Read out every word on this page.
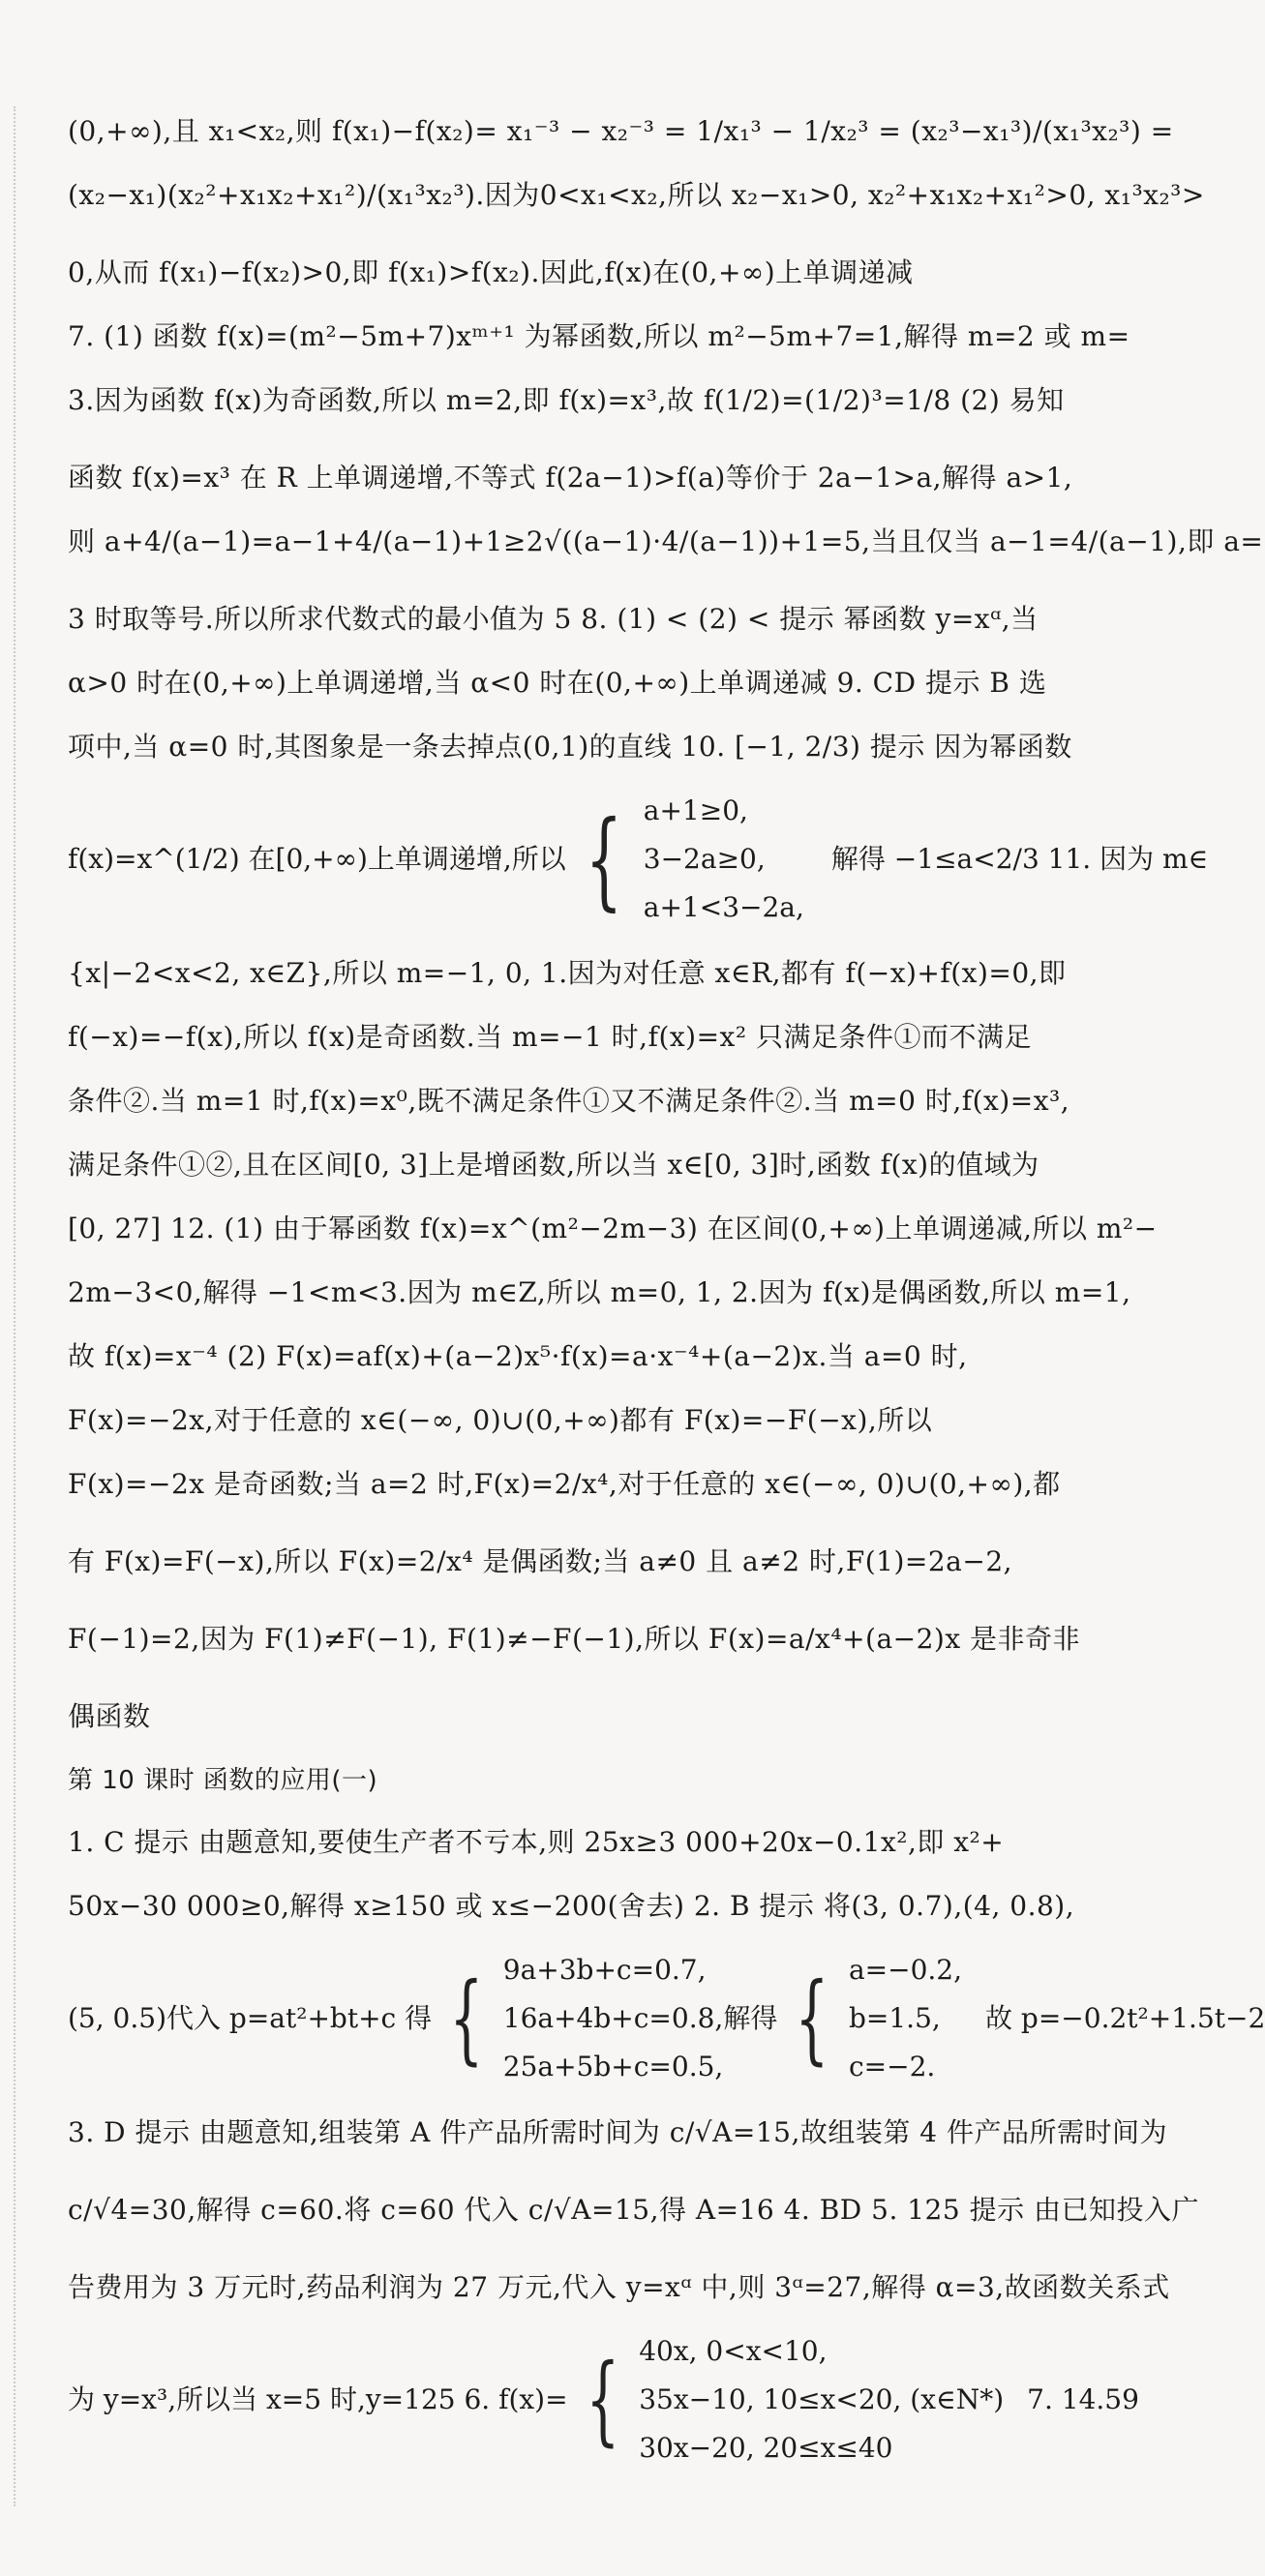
(0,+∞),且 x₁<x₂,则 f(x₁)−f(x₂)= x₁⁻³ − x₂⁻³ = 1/x₁³ − 1/x₂³ = (x₂³−x₁³)/(x₁³x₂³) =
(x₂−x₁)(x₂²+x₁x₂+x₁²)/(x₁³x₂³).因为0<x₁<x₂,所以 x₂−x₁>0, x₂²+x₁x₂+x₁²>0, x₁³x₂³>
0,从而 f(x₁)−f(x₂)>0,即 f(x₁)>f(x₂).因此,f(x)在(0,+∞)上单调递减
7. (1) 函数 f(x)=(m²−5m+7)xᵐ⁺¹ 为幂函数,所以 m²−5m+7=1,解得 m=2 或 m=
3.因为函数 f(x)为奇函数,所以 m=2,即 f(x)=x³,故 f(1/2)=(1/2)³=1/8 (2) 易知
函数 f(x)=x³ 在 R 上单调递增,不等式 f(2a−1)>f(a)等价于 2a−1>a,解得 a>1,
则 a+4/(a−1)=a−1+4/(a−1)+1≥2√((a−1)·4/(a−1))+1=5,当且仅当 a−1=4/(a−1),即 a=
3 时取等号.所以所求代数式的最小值为 5 8. (1) < (2) < 提示 幂函数 y=xᵅ,当
α>0 时在(0,+∞)上单调递增,当 α<0 时在(0,+∞)上单调递减 9. CD 提示 B 选
项中,当 α=0 时,其图象是一条去掉点(0,1)的直线 10. [−1, 2/3) 提示 因为幂函数
f(x)=x^(1/2) 在[0,+∞)上单调递增,所以 { a+1≥0,
3−2a≥0,
a+1<3−2a,
解得 −1≤a<2/3 11. 因为 m∈
{x|−2<x<2, x∈Z},所以 m=−1, 0, 1.因为对任意 x∈R,都有 f(−x)+f(x)=0,即
f(−x)=−f(x),所以 f(x)是奇函数.当 m=−1 时,f(x)=x² 只满足条件①而不满足
条件②.当 m=1 时,f(x)=x⁰,既不满足条件①又不满足条件②.当 m=0 时,f(x)=x³,
满足条件①②,且在区间[0, 3]上是增函数,所以当 x∈[0, 3]时,函数 f(x)的值域为
[0, 27] 12. (1) 由于幂函数 f(x)=x^(m²−2m−3) 在区间(0,+∞)上单调递减,所以 m²−
2m−3<0,解得 −1<m<3.因为 m∈Z,所以 m=0, 1, 2.因为 f(x)是偶函数,所以 m=1,
故 f(x)=x⁻⁴ (2) F(x)=af(x)+(a−2)x⁵·f(x)=a·x⁻⁴+(a−2)x.当 a=0 时,
F(x)=−2x,对于任意的 x∈(−∞, 0)∪(0,+∞)都有 F(x)=−F(−x),所以
F(x)=−2x 是奇函数;当 a=2 时,F(x)=2/x⁴,对于任意的 x∈(−∞, 0)∪(0,+∞),都
有 F(x)=F(−x),所以 F(x)=2/x⁴ 是偶函数;当 a≠0 且 a≠2 时,F(1)=2a−2,
F(−1)=2,因为 F(1)≠F(−1), F(1)≠−F(−1),所以 F(x)=a/x⁴+(a−2)x 是非奇非
偶函数
第 10 课时 函数的应用(一)
1. C 提示 由题意知,要使生产者不亏本,则 25x≥3 000+20x−0.1x²,即 x²+
50x−30 000≥0,解得 x≥150 或 x≤−200(舍去) 2. B 提示 将(3, 0.7),(4, 0.8),
(5, 0.5)代入 p=at²+bt+c 得 { 9a+3b+c=0.7,
16a+4b+c=0.8,
25a+5b+c=0.5,
解得 { a=−0.2,
b=1.5,
c=−2.
故 p=−0.2t²+1.5t−2
3. D 提示 由题意知,组装第 A 件产品所需时间为 c/√A=15,故组装第 4 件产品所需时间为
c/√4=30,解得 c=60.将 c=60 代入 c/√A=15,得 A=16 4. BD 5. 125 提示 由已知投入广
告费用为 3 万元时,药品利润为 27 万元,代入 y=xᵅ 中,则 3ᵅ=27,解得 α=3,故函数关系式
为 y=x³,所以当 x=5 时,y=125 6. f(x)= { 40x, 0<x<10,
35x−10, 10≤x<20, (x∈N*)
30x−20, 20≤x≤40
7. 14.59
